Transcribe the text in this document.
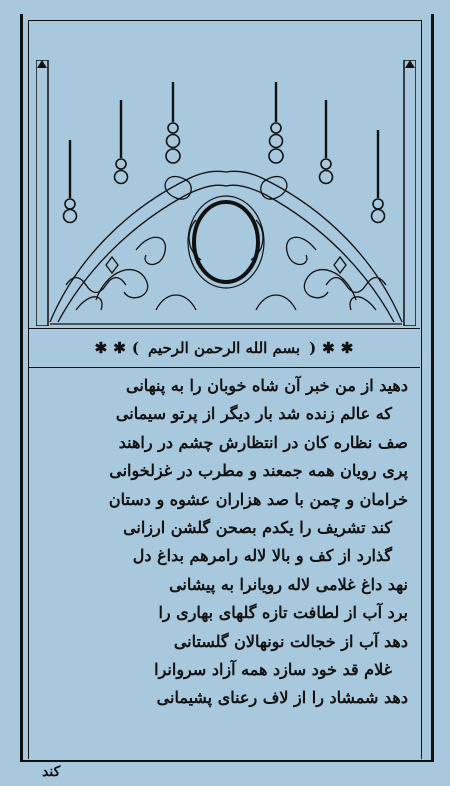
✱
✱
(
بسم الله الرحمن الرحيم
)
✱
✱
دهید از من خبر آن شاه خوبان را به پنهانی
که عالم زنده شد بار دیگر از پرتو سیمانی
صف نظاره کان در انتظارش چشم در راهند
پری رویان همه جمعند و مطرب در غزلخوانی
خرامان و چمن با صد هزاران عشوه و دستان
کند تشریف را یکدم بصحن گلشن ارزانی
گذارد از کف و بالا لاله رامرهم بداغ دل
نهد داغ غلامی لاله رویانرا به پیشانی
برد آب از لطافت تازه گلهای بهاری را
دهد آب از خجالت نونهالان گلستانی
غلام قد خود سازد همه آزاد سروانرا
دهد شمشاد را از لاف رعنای پشیمانی
کند
